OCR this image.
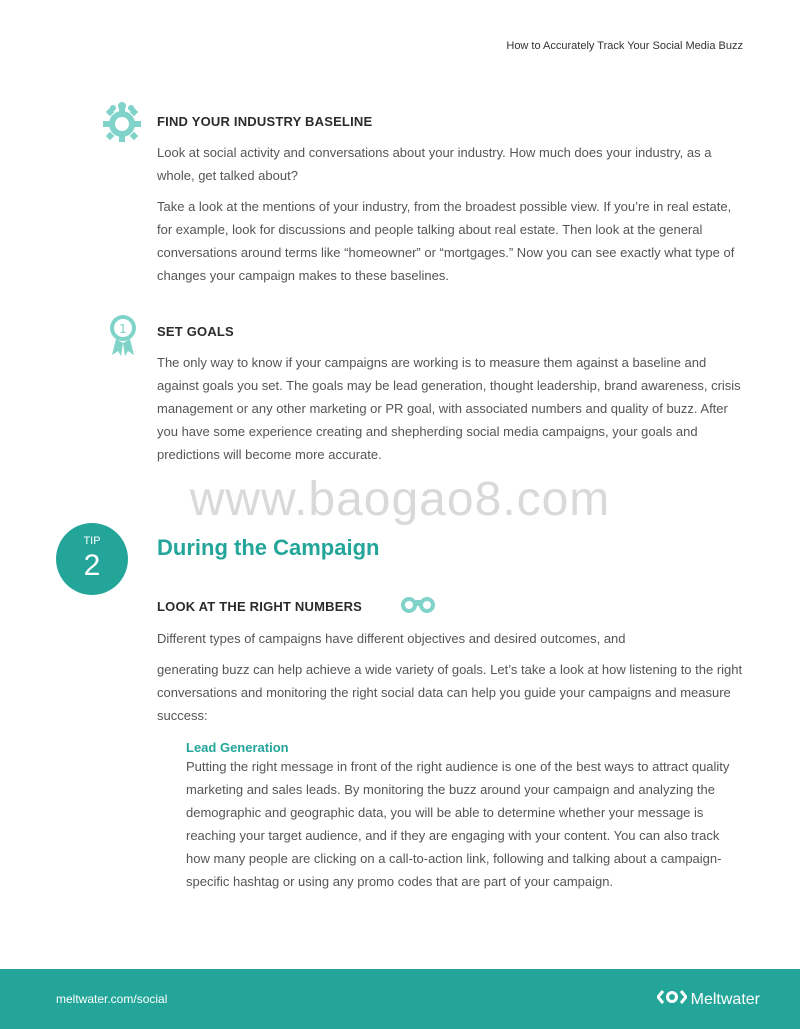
How to Accurately Track Your Social Media Buzz
FIND YOUR INDUSTRY BASELINE

Look at social activity and conversations about your industry. How much does your industry, as a whole, get talked about?

Take a look at the mentions of your industry, from the broadest possible view. If you’re in real estate, for example, look for discussions and people talking about real estate. Then look at the general conversations around terms like “homeowner” or “mortgages.” Now you can see exactly what type of changes your campaign makes to these baselines.

1 SET GOALS

The only way to know if your campaigns are working is to measure them against a baseline and against goals you set. The goals may be lead generation, thought leadership, brand awareness, crisis management or any other marketing or PR goal, with associated numbers and quality of buzz. After you have some experience creating and shepherding social media campaigns, your goals and predictions will become more accurate.

www.baogao8.com
TIP
2
During the Campaign
LOOK AT THE RIGHT NUMBERS

Different types of campaigns have different objectives and desired outcomes, and

generating buzz can help achieve a wide variety of goals. Let’s take a look at how listening to the right conversations and monitoring the right social data can help you guide your campaigns and measure success:

Lead Generation

Putting the right message in front of the right audience is one of the best ways to attract quality marketing and sales leads. By monitoring the buzz around your campaign and analyzing the demographic and geographic data, you will be able to determine whether your message is reaching your target audience, and if they are engaging with your content. You can also track how many people are clicking on a call-to-action link, following and talking about a campaign-specific hashtag or using any promo codes that are part of your campaign.

meltwater.com/social	Meltwater
